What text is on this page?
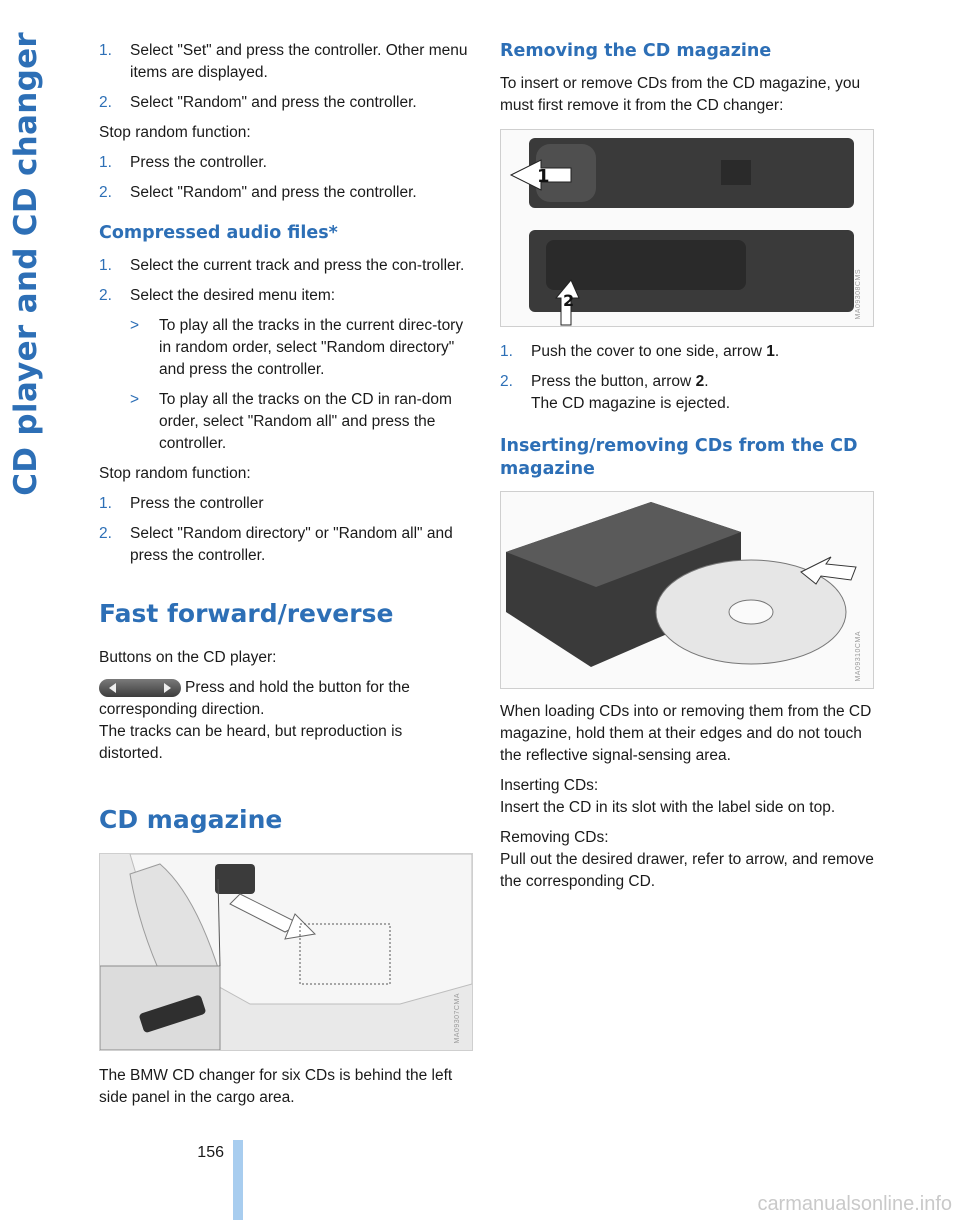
CD player and CD changer	1. Select "Set" and press the controller. Other menu items are displayed.
2. Select "Random" and press the controller.

Stop random function:

1. Press the controller.
2. Select "Random" and press the controller.
Compressed audio files*
1. Select the current track and press the con-troller.
2. Select the desired menu item:
> To play all the tracks in the current direc-tory in random order, select "Random directory" and press the controller.
> To play all the tracks on the CD in ran-dom order, select "Random all" and press the controller.

Stop random function:

1. Press the controller
2. Select "Random directory" or "Random all" and press the controller.
Fast forward/reverse

Buttons on the CD player:

Press and hold the button for the corresponding direction.

The tracks can be heard, but reproduction is distorted.

CD magazine
MA09307CMA

The BMW CD changer for six CDs is behind the left side panel in the cargo area.

Removing the CD magazine

To insert or remove CDs from the CD magazine, you must first remove it from the CD changer:

1
2	MA09308CMS
1. Push the cover to one side, arrow 1.
2. Press the button, arrow 2.
The CD magazine is ejected.
Inserting/removing CDs from the CD magazine
MA09310CMA

When loading CDs into or removing them from the CD magazine, hold them at their edges and do not touch the reflective signal-sensing area.

Inserting CDs:

Insert the CD in its slot with the label side on top.

Removing CDs:

Pull out the desired drawer, refer to arrow, and remove the corresponding CD.

156
carmanualsonline.info
